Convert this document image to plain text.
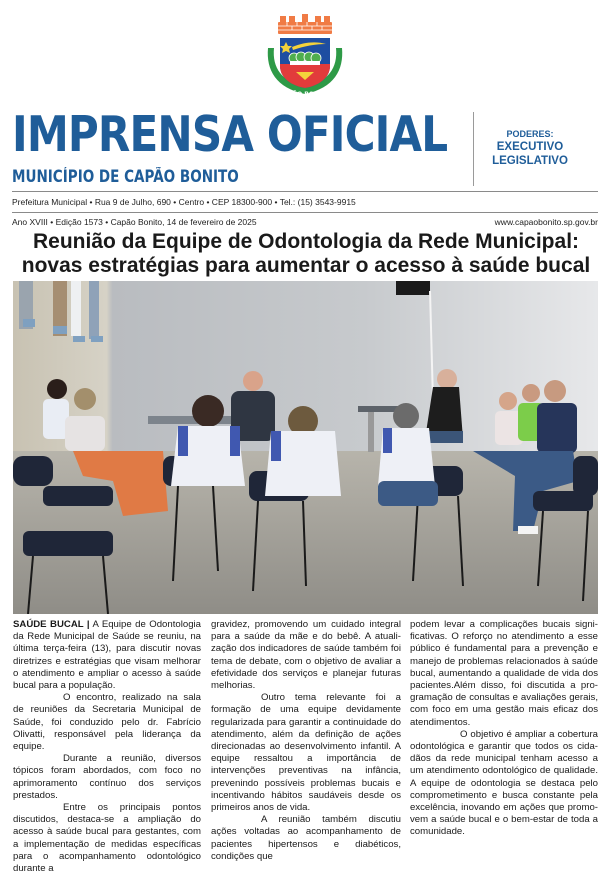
CAPÃO BONITO
IMPRENSA OFICIAL
MUNICÍPIO DE CAPÃO BONITO
PODERES:
EXECUTIVO
LEGISLATIVO
Prefeitura Municipal • Rua 9 de Julho, 690 • Centro • CEP 18300-900 • Tel.: (15) 3543-9915
Ano XVIII • Edição 1573 • Capão Bonito, 14 de fevereiro de 2025	www.capaobonito.sp.gov.br
Reunião da Equipe de Odontologia da Rede Municipal:
novas estratégias para aumentar o acesso à saúde bucal

SAÚDE BUCAL | A Equipe de Odontologia da Rede Municipal de Saúde se reuniu, na última terça-feira (13), para discutir novas diretrizes e estratégias que visam melhorar o atendimento e ampliar o acesso à saúde bucal para a população.

O encontro, realizado na sala de reuniões da Secretaria Municipal de Saúde, foi conduzido pelo dr. Fabrício Olivatti, responsável pela liderança da equipe.

Durante a reunião, diversos tópicos foram abordados, com foco no aprimoramento contínuo dos serviços prestados.

Entre os principais pontos discutidos, destaca-se a ampliação do acesso à saúde bucal para gestantes, com a implementação de medidas específicas para o acompanhamento odontológico durante a

gravidez, promovendo um cuidado integral para a saúde da mãe e do bebê. A atualização dos indicadores de saúde também foi tema de debate, com o objetivo de avaliar a efetividade dos serviços e planejar futuras melhorias.

Outro tema relevante foi a formação de uma equipe devidamente regularizada para garantir a continuidade do atendimento, além da definição de ações direcionadas ao desenvolvimento infantil. A equipe ressaltou a importância de intervenções preventivas na infância, prevenindo possíveis problemas bucais e incentivando hábitos saudáveis desde os primeiros anos de vida.

A reunião também discutiu ações voltadas ao acompanhamento de pacientes hipertensos e diabéticos, condições que

podem levar a complicações bucais significativas. O reforço no atendimento a esse público é fundamental para a prevenção e manejo de problemas relacionados à saúde bucal, aumentando a qualidade de vida dos pacientes.Além disso, foi discutida a programação de consultas e avaliações gerais, com foco em uma gestão mais eficaz dos atendimentos.

O objetivo é ampliar a cobertura odontológica e garantir que todos os cidadãos da rede municipal tenham acesso a um atendimento odontológico de qualidade. A equipe de odontologia se destaca pelo comprometimento e busca constante pela excelência, inovando em ações que promovem a saúde bucal e o bem-estar de toda a comunidade.
